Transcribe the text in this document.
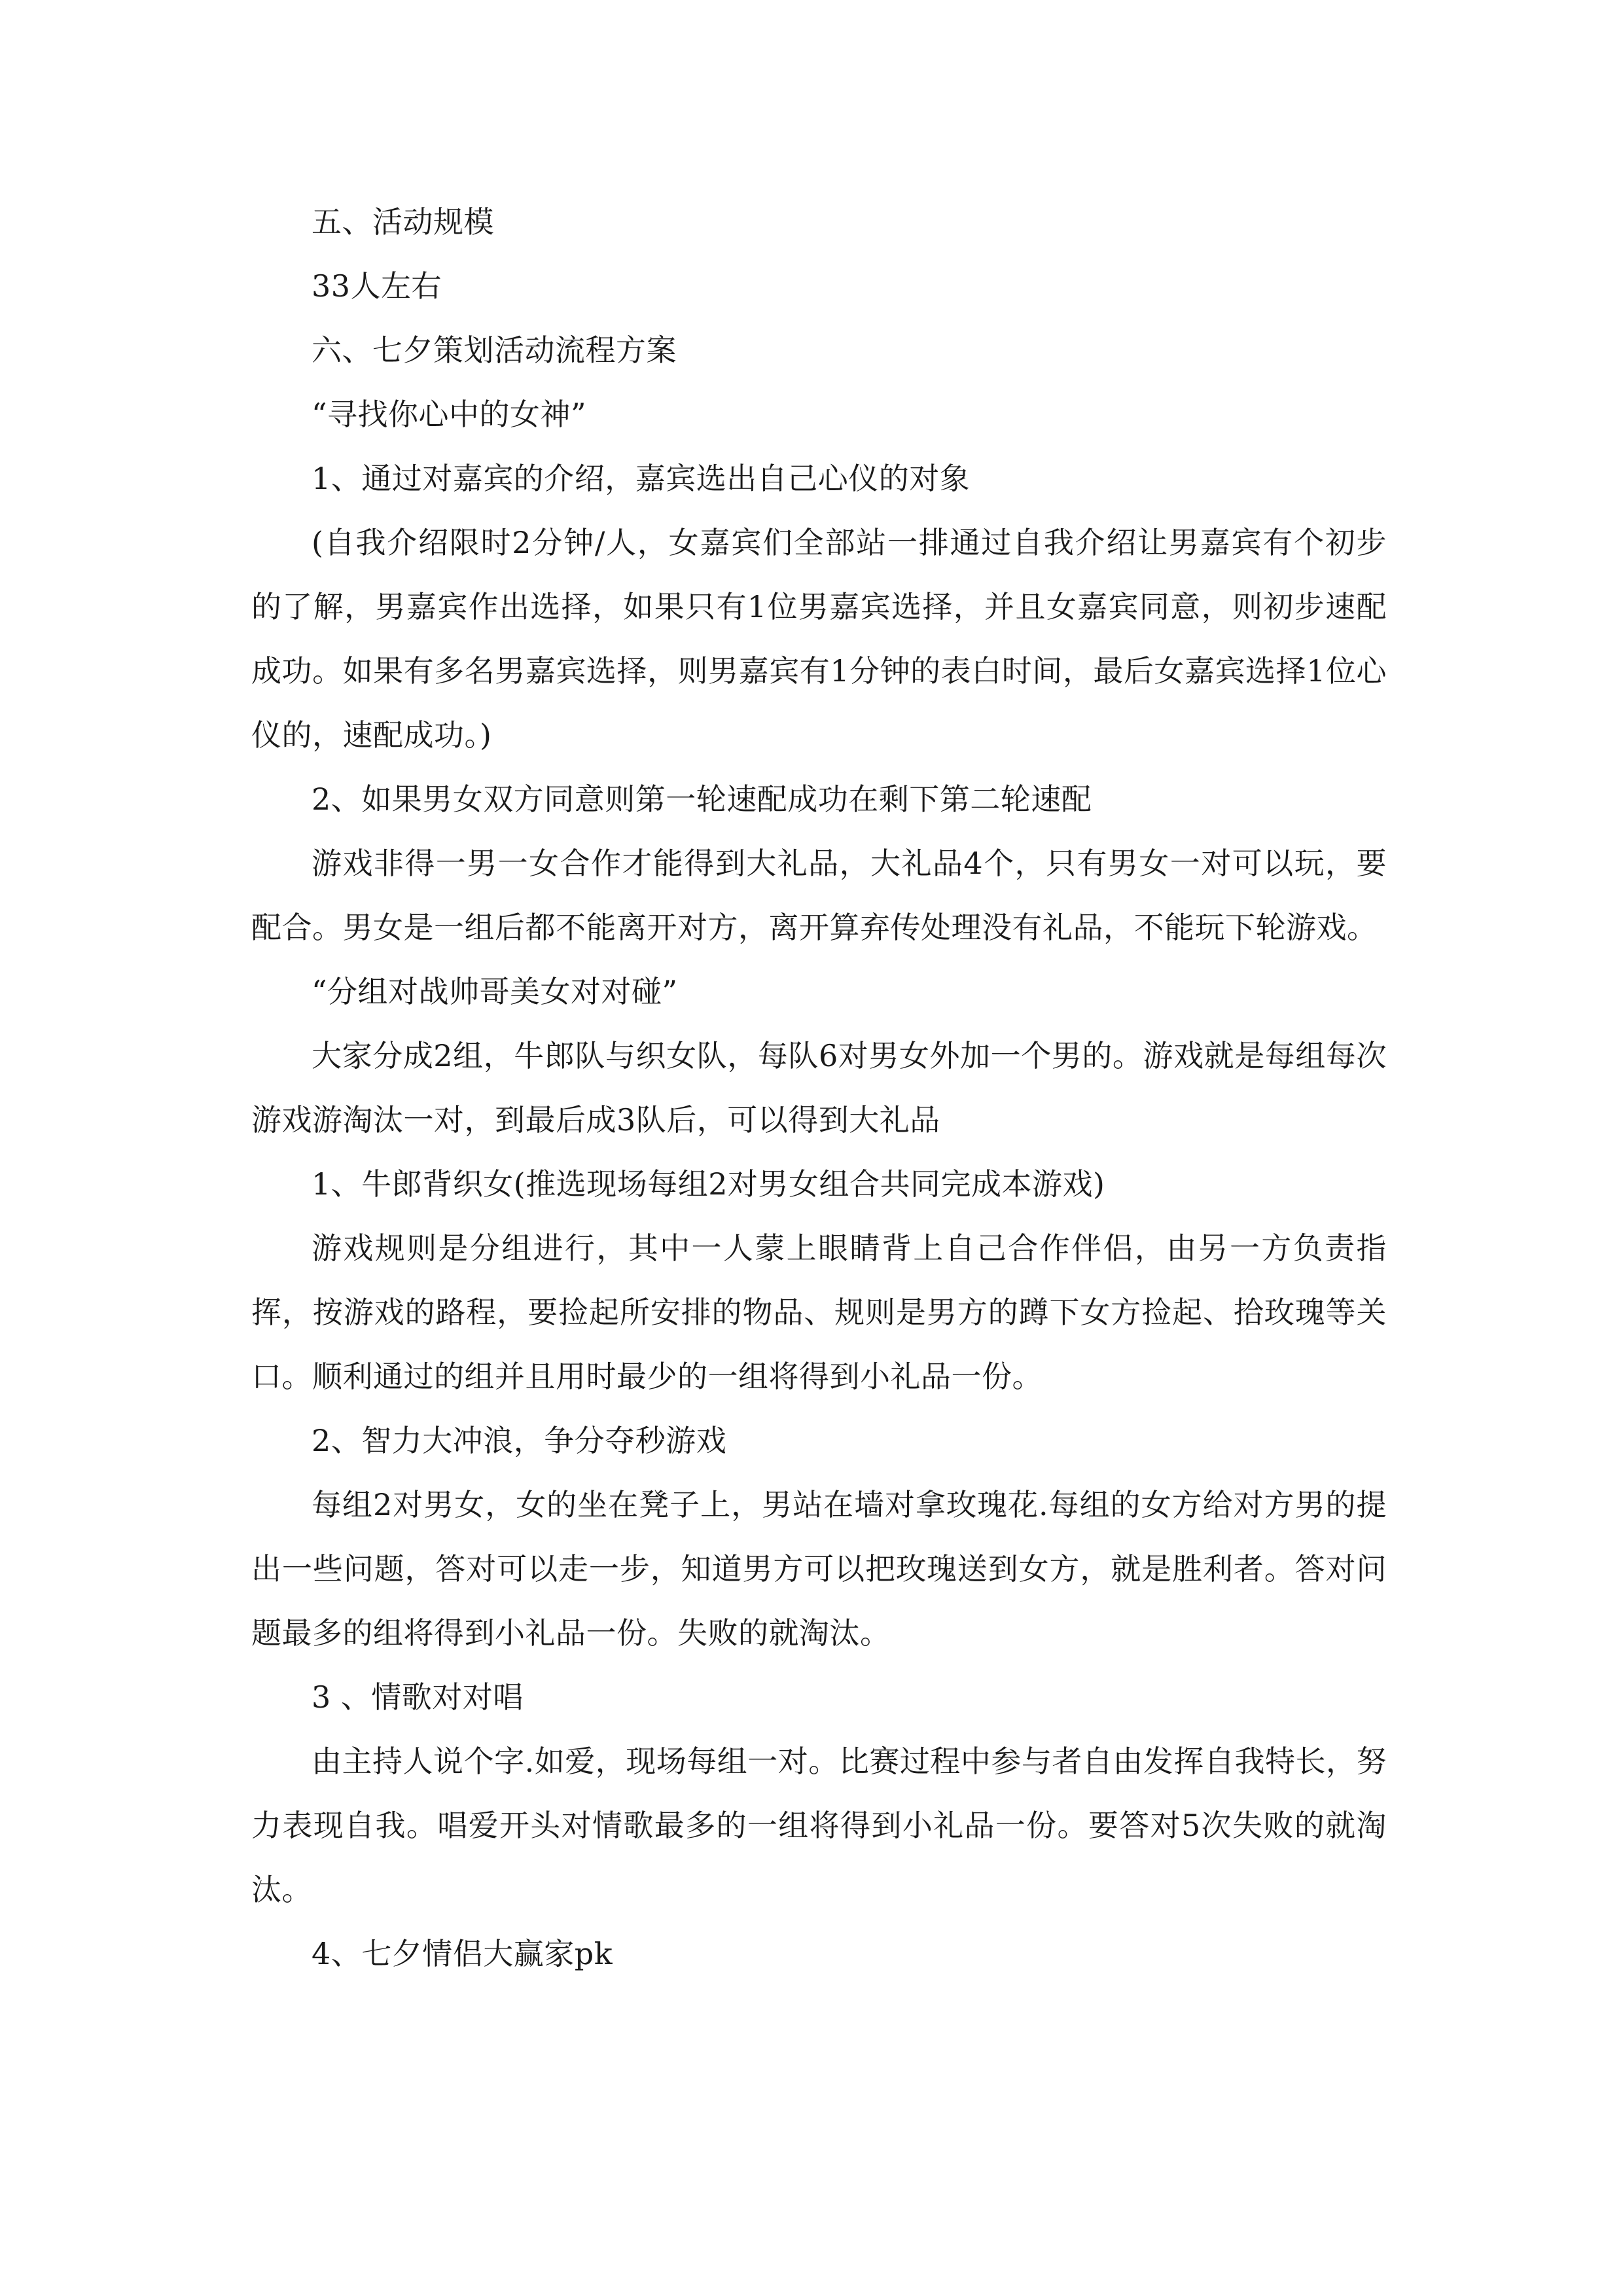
五、活动规模

33人左右

六、七夕策划活动流程方案

“寻找你心中的女神”

1、通过对嘉宾的介绍，嘉宾选出自己心仪的对象

(自我介绍限时2分钟/人，女嘉宾们全部站一排通过自我介绍让男嘉宾有个初步的了解，男嘉宾作出选择，如果只有1位男嘉宾选择，并且女嘉宾同意，则初步速配成功。如果有多名男嘉宾选择，则男嘉宾有1分钟的表白时间，最后女嘉宾选择1位心仪的，速配成功。)

2、如果男女双方同意则第一轮速配成功在剩下第二轮速配

游戏非得一男一女合作才能得到大礼品，大礼品4个，只有男女一对可以玩，要配合。男女是一组后都不能离开对方，离开算弃传处理没有礼品，不能玩下轮游戏。

“分组对战帅哥美女对对碰”

大家分成2组，牛郎队与织女队，每队6对男女外加一个男的。游戏就是每组每次游戏游淘汰一对，到最后成3队后，可以得到大礼品

1、牛郎背织女(推选现场每组2对男女组合共同完成本游戏)

游戏规则是分组进行，其中一人蒙上眼睛背上自己合作伴侣，由另一方负责指挥，按游戏的路程，要捡起所安排的物品、规则是男方的蹲下女方捡起、拾玫瑰等关口。顺利通过的组并且用时最少的一组将得到小礼品一份。

2、智力大冲浪，争分夺秒游戏

每组2对男女，女的坐在凳子上，男站在墙对拿玫瑰花.每组的女方给对方男的提出一些问题，答对可以走一步，知道男方可以把玫瑰送到女方，就是胜利者。答对问题最多的组将得到小礼品一份。失败的就淘汰。

3 、情歌对对唱

由主持人说个字.如爱，现场每组一对。比赛过程中参与者自由发挥自我特长，努力表现自我。唱爱开头对情歌最多的一组将得到小礼品一份。要答对5次失败的就淘汰。

4、七夕情侣大赢家pk
